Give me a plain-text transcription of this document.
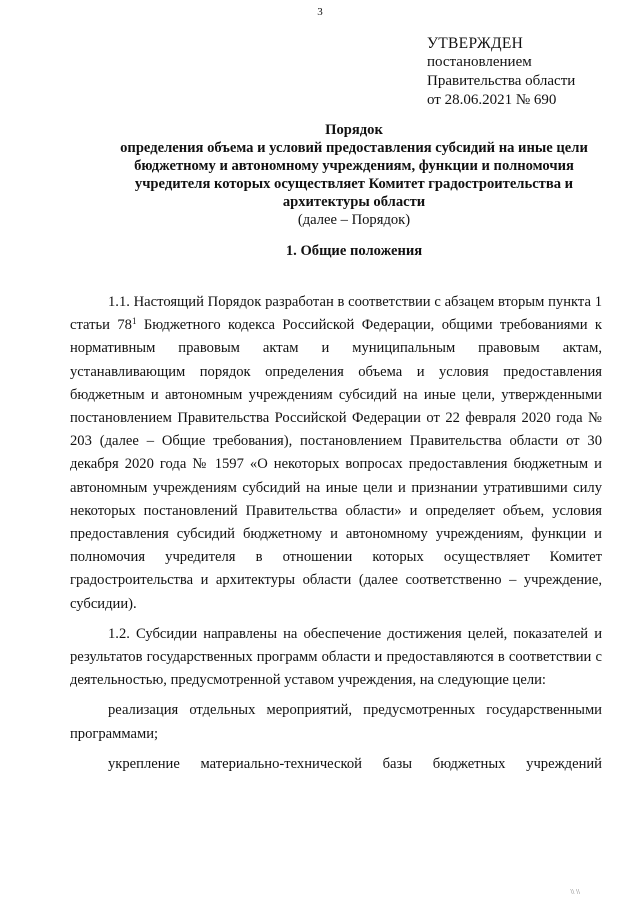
3
УТВЕРЖДЕН
постановлением
Правительства области
от 28.06.2021 № 690
Порядок
определения объема и условий предоставления субсидий на иные цели
бюджетному и автономному учреждениям, функции и полномочия
учредителя которых осуществляет Комитет градостроительства и
архитектуры области
(далее – Порядок)
1. Общие положения

1.1. Настоящий Порядок разработан в соответствии с абзацем вторым пункта 1 статьи $78^1$ Бюджетного кодекса Российской Федерации, общими требованиями к нормативным правовым актам и муниципальным правовым актам, устанавливающим порядок определения объема и условия предоставления бюджетным и автономным учреждениям субсидий на иные цели, утвержденными постановлением Правительства Российской Федерации от 22 февраля 2020 года № 203 (далее – Общие требования), постановлением Правительства области от 30 декабря 2020 года № 1597 «О некоторых вопросах предоставления бюджетным и автономным учреждениям субсидий на иные цели и признании утратившими силу некоторых постановлений Правительства области» и определяет объем, условия предоставления субсидий бюджетному и автономному учреждениям, функции и полномочия учредителя в отношении которых осуществляет Комитет градостроительства и архитектуры области (далее соответственно – учреждение, субсидии).

1.2. Субсидии направлены на обеспечение достижения целей, показателей и результатов государственных программ области и предоставляются в соответствии с деятельностью, предусмотренной уставом учреждения, на следующие цели:

реализация отдельных мероприятий, предусмотренных государственными программами;

укрепление материально-технической базы бюджетных учреждений

\\ \\
